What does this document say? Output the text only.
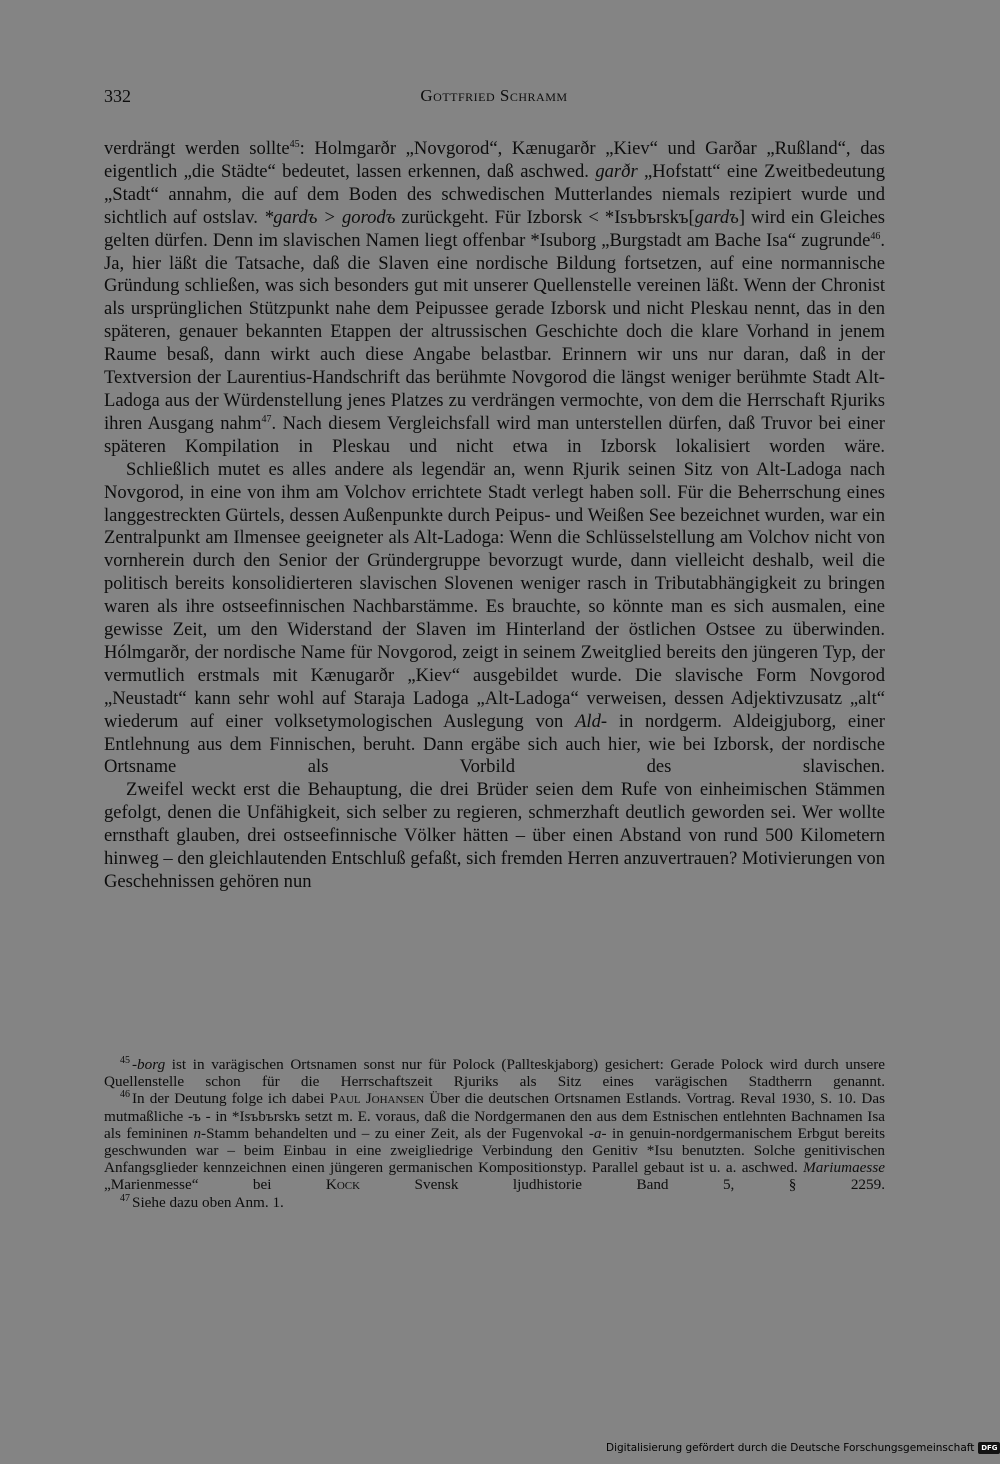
332	Gottfried Schramm

verdrängt werden sollte$^{45}$: Holmgarðr „Novgorod“, Kænugarðr „Kiev“ und Garðar „Rußland“, das eigentlich „die Städte“ bedeutet, lassen erkennen, daß aschwed. garðr „Hofstatt“ eine Zweitbedeutung „Stadt“ annahm, die auf dem Boden des schwedischen Mutterlandes niemals rezipiert wurde und sichtlich auf ostslav. *gardъ > gorodъ zurückgeht. Für Izborsk < *Isъbъrskъ[gardъ] wird ein Gleiches gelten dürfen. Denn im slavischen Namen liegt offenbar *Isuborg „Burgstadt am Bache Isa“ zugrunde$^{46}$. Ja, hier läßt die Tatsache, daß die Slaven eine nordische Bildung fortsetzen, auf eine normannische Gründung schließen, was sich besonders gut mit unserer Quellenstelle vereinen läßt. Wenn der Chronist als ursprünglichen Stützpunkt nahe dem Peipussee gerade Izborsk und nicht Pleskau nennt, das in den späteren, genauer bekannten Etappen der altrussischen Geschichte doch die klare Vorhand in jenem Raume besaß, dann wirkt auch diese Angabe belastbar. Erinnern wir uns nur daran, daß in der Textversion der Laurentius-Handschrift das berühmte Novgorod die längst weniger berühmte Stadt Alt-Ladoga aus der Würdenstellung jenes Platzes zu verdrängen vermochte, von dem die Herrschaft Rjuriks ihren Ausgang nahm$^{47}$. Nach diesem Vergleichsfall wird man unterstellen dürfen, daß Truvor bei einer späteren Kompilation in Pleskau und nicht etwa in Izborsk lokalisiert worden wäre.

Schließlich mutet es alles andere als legendär an, wenn Rjurik seinen Sitz von Alt-Ladoga nach Novgorod, in eine von ihm am Volchov errichtete Stadt verlegt haben soll. Für die Beherrschung eines langgestreckten Gürtels, dessen Außenpunkte durch Peipus- und Weißen See bezeichnet wurden, war ein Zentralpunkt am Ilmensee geeigneter als Alt-Ladoga: Wenn die Schlüsselstellung am Volchov nicht von vornherein durch den Senior der Gründergruppe bevorzugt wurde, dann vielleicht deshalb, weil die politisch bereits konsolidierteren slavischen Slovenen weniger rasch in Tributabhängigkeit zu bringen waren als ihre ostseefinnischen Nachbarstämme. Es brauchte, so könnte man es sich ausmalen, eine gewisse Zeit, um den Widerstand der Slaven im Hinterland der östlichen Ostsee zu überwinden. Hólmgarðr, der nordische Name für Novgorod, zeigt in seinem Zweitglied bereits den jüngeren Typ, der vermutlich erstmals mit Kænugarðr „Kiev“ ausgebildet wurde. Die slavische Form Novgorod „Neustadt“ kann sehr wohl auf Staraja Ladoga „Alt-Ladoga“ verweisen, dessen Adjektivzusatz „alt“ wiederum auf einer volksetymologischen Auslegung von Ald- in nordgerm. Aldeigjuborg, einer Entlehnung aus dem Finnischen, beruht. Dann ergäbe sich auch hier, wie bei Izborsk, der nordische Ortsname als Vorbild des slavischen.

Zweifel weckt erst die Behauptung, die drei Brüder seien dem Rufe von einheimischen Stämmen gefolgt, denen die Unfähigkeit, sich selber zu regieren, schmerzhaft deutlich geworden sei. Wer wollte ernsthaft glauben, drei ostseefinnische Völker hätten – über einen Abstand von rund 500 Kilometern hinweg – den gleichlautenden Entschluß gefaßt, sich fremden Herren anzuvertrauen? Motivierungen von Geschehnissen gehören nun

$^{45}$ -borg ist in varägischen Ortsnamen sonst nur für Polock (Pallteskjaborg) gesichert: Gerade Polock wird durch unsere Quellenstelle schon für die Herrschaftszeit Rjuriks als Sitz eines varägischen Stadtherrn genannt.

$^{46}$ In der Deutung folge ich dabei Paul Johansen Über die deutschen Ortsnamen Estlands. Vortrag. Reval 1930, S. 10. Das mutmaßliche -ъ - in *Isъbъrskъ setzt m. E. voraus, daß die Nordgermanen den aus dem Estnischen entlehnten Bachnamen Isa als femininen n-Stamm behandelten und – zu einer Zeit, als der Fugenvokal -a- in genuin-nordgermanischem Erbgut bereits geschwunden war – beim Einbau in eine zweigliedrige Verbindung den Genitiv *Isu benutzten. Solche genitivischen Anfangsglieder kennzeichnen einen jüngeren germanischen Kompositionstyp. Parallel gebaut ist u. a. aschwed. Mariumaesse „Marienmesse“ bei Kock Svensk ljudhistorie Band 5, § 2259.

$^{47}$ Siehe dazu oben Anm. 1.

Digitalisierung gefördert durch die Deutsche Forschungsgemeinschaft DFG
